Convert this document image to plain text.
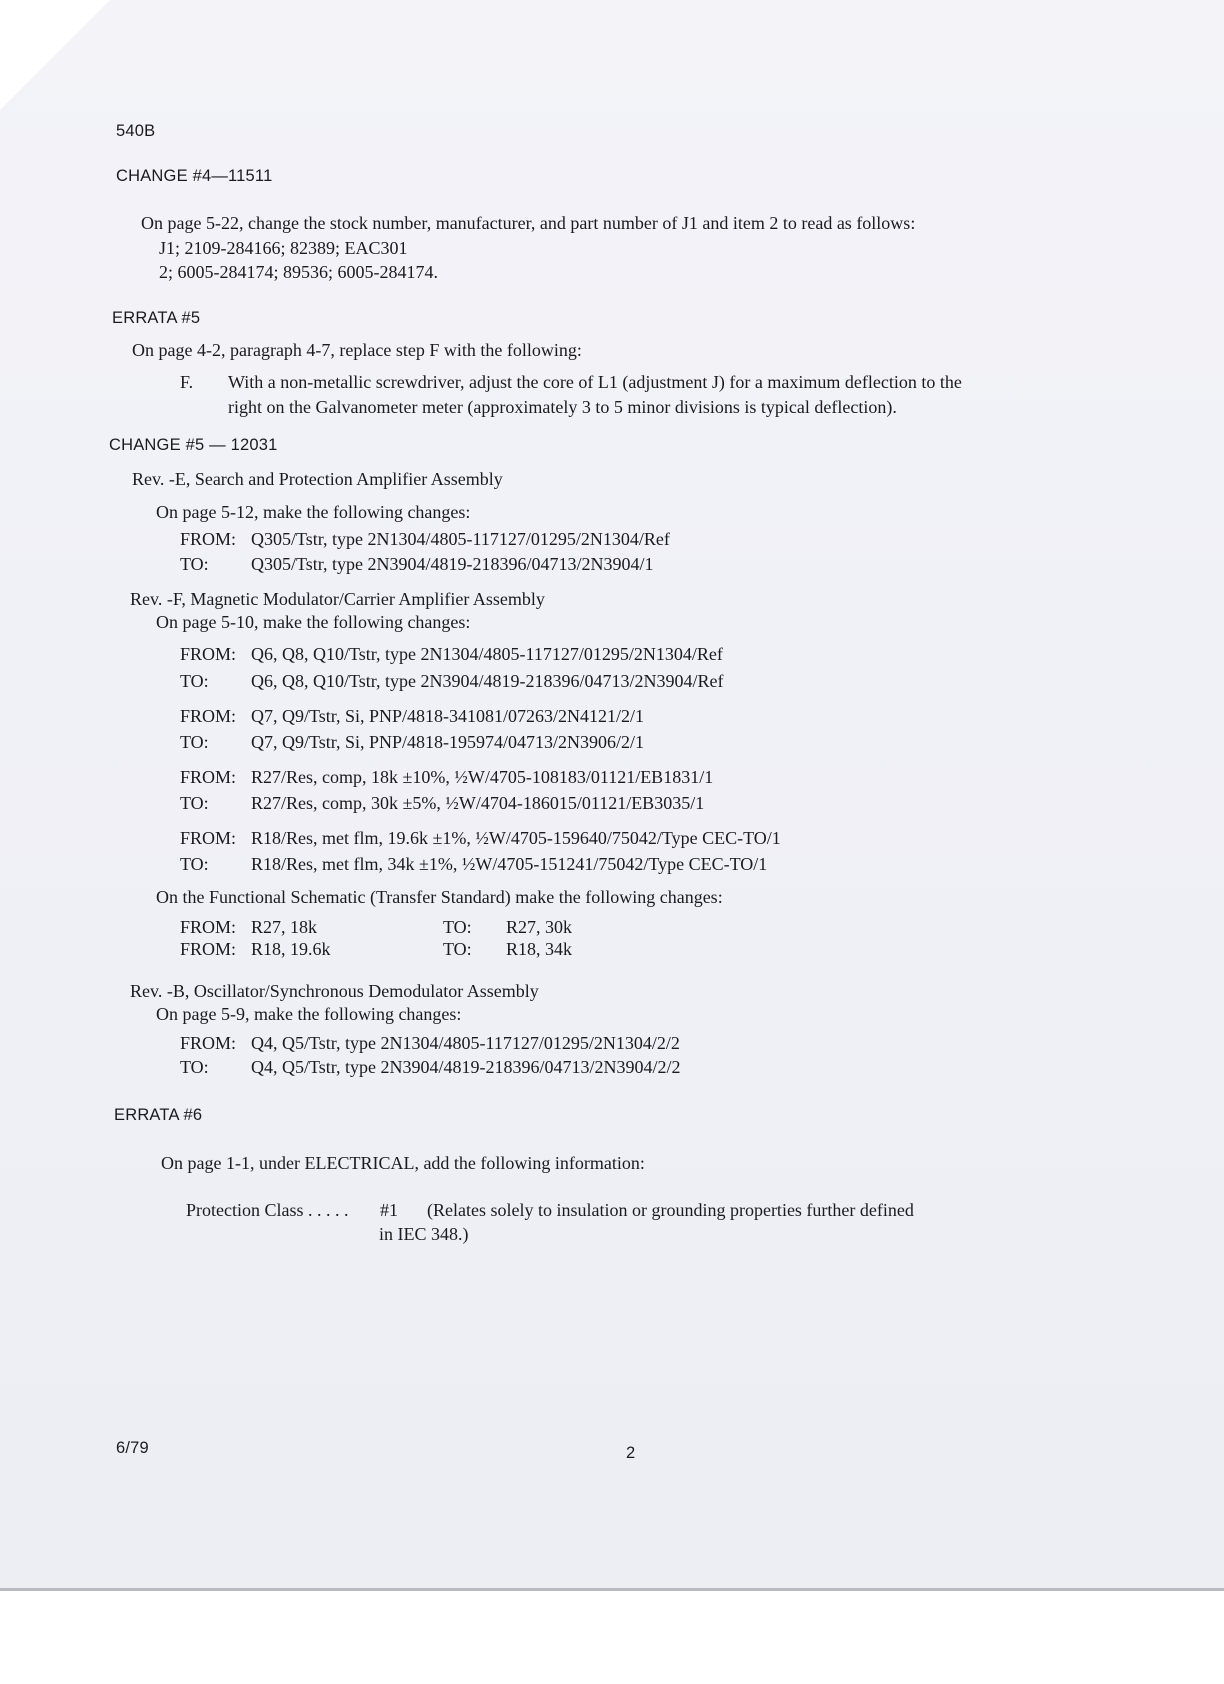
540B
CHANGE #4—11511
On page 5-22, change the stock number, manufacturer, and part number of J1 and item 2 to read as follows:
J1; 2109-284166; 82389; EAC301
2; 6005-284174; 89536; 6005-284174.
ERRATA #5
On page 4-2, paragraph 4-7, replace step F with the following:
F. With a non-metallic screwdriver, adjust the core of L1 (adjustment J) for a maximum deflection to the
right on the Galvanometer meter (approximately 3 to 5 minor divisions is typical deflection).
CHANGE #5 — 12031
Rev. -E, Search and Protection Amplifier Assembly
On page 5-12, make the following changes:
FROM: Q305/Tstr, type 2N1304/4805-117127/01295/2N1304/Ref
TO: Q305/Tstr, type 2N3904/4819-218396/04713/2N3904/1
Rev. -F, Magnetic Modulator/Carrier Amplifier Assembly
On page 5-10, make the following changes:
FROM: Q6, Q8, Q10/Tstr, type 2N1304/4805-117127/01295/2N1304/Ref
TO: Q6, Q8, Q10/Tstr, type 2N3904/4819-218396/04713/2N3904/Ref
FROM: Q7, Q9/Tstr, Si, PNP/4818-341081/07263/2N4121/2/1
TO: Q7, Q9/Tstr, Si, PNP/4818-195974/04713/2N3906/2/1
FROM: R27/Res, comp, 18k ±10%, ½W/4705-108183/01121/EB1831/1
TO: R27/Res, comp, 30k ±5%, ½W/4704-186015/01121/EB3035/1
FROM: R18/Res, met flm, 19.6k ±1%, ½W/4705-159640/75042/Type CEC-TO/1
TO: R18/Res, met flm, 34k ±1%, ½W/4705-151241/75042/Type CEC-TO/1
On the Functional Schematic (Transfer Standard) make the following changes:
FROM: R27, 18k	TO: R27, 30k
FROM: R18, 19.6k	TO: R18, 34k
Rev. -B, Oscillator/Synchronous Demodulator Assembly
On page 5-9, make the following changes:
FROM: Q4, Q5/Tstr, type 2N1304/4805-117127/01295/2N1304/2/2
TO: Q4, Q5/Tstr, type 2N3904/4819-218396/04713/2N3904/2/2
ERRATA #6
On page 1-1, under ELECTRICAL, add the following information:
Protection Class . . . . . #1 (Relates solely to insulation or grounding properties further defined
in IEC 348.)
6/79	2
